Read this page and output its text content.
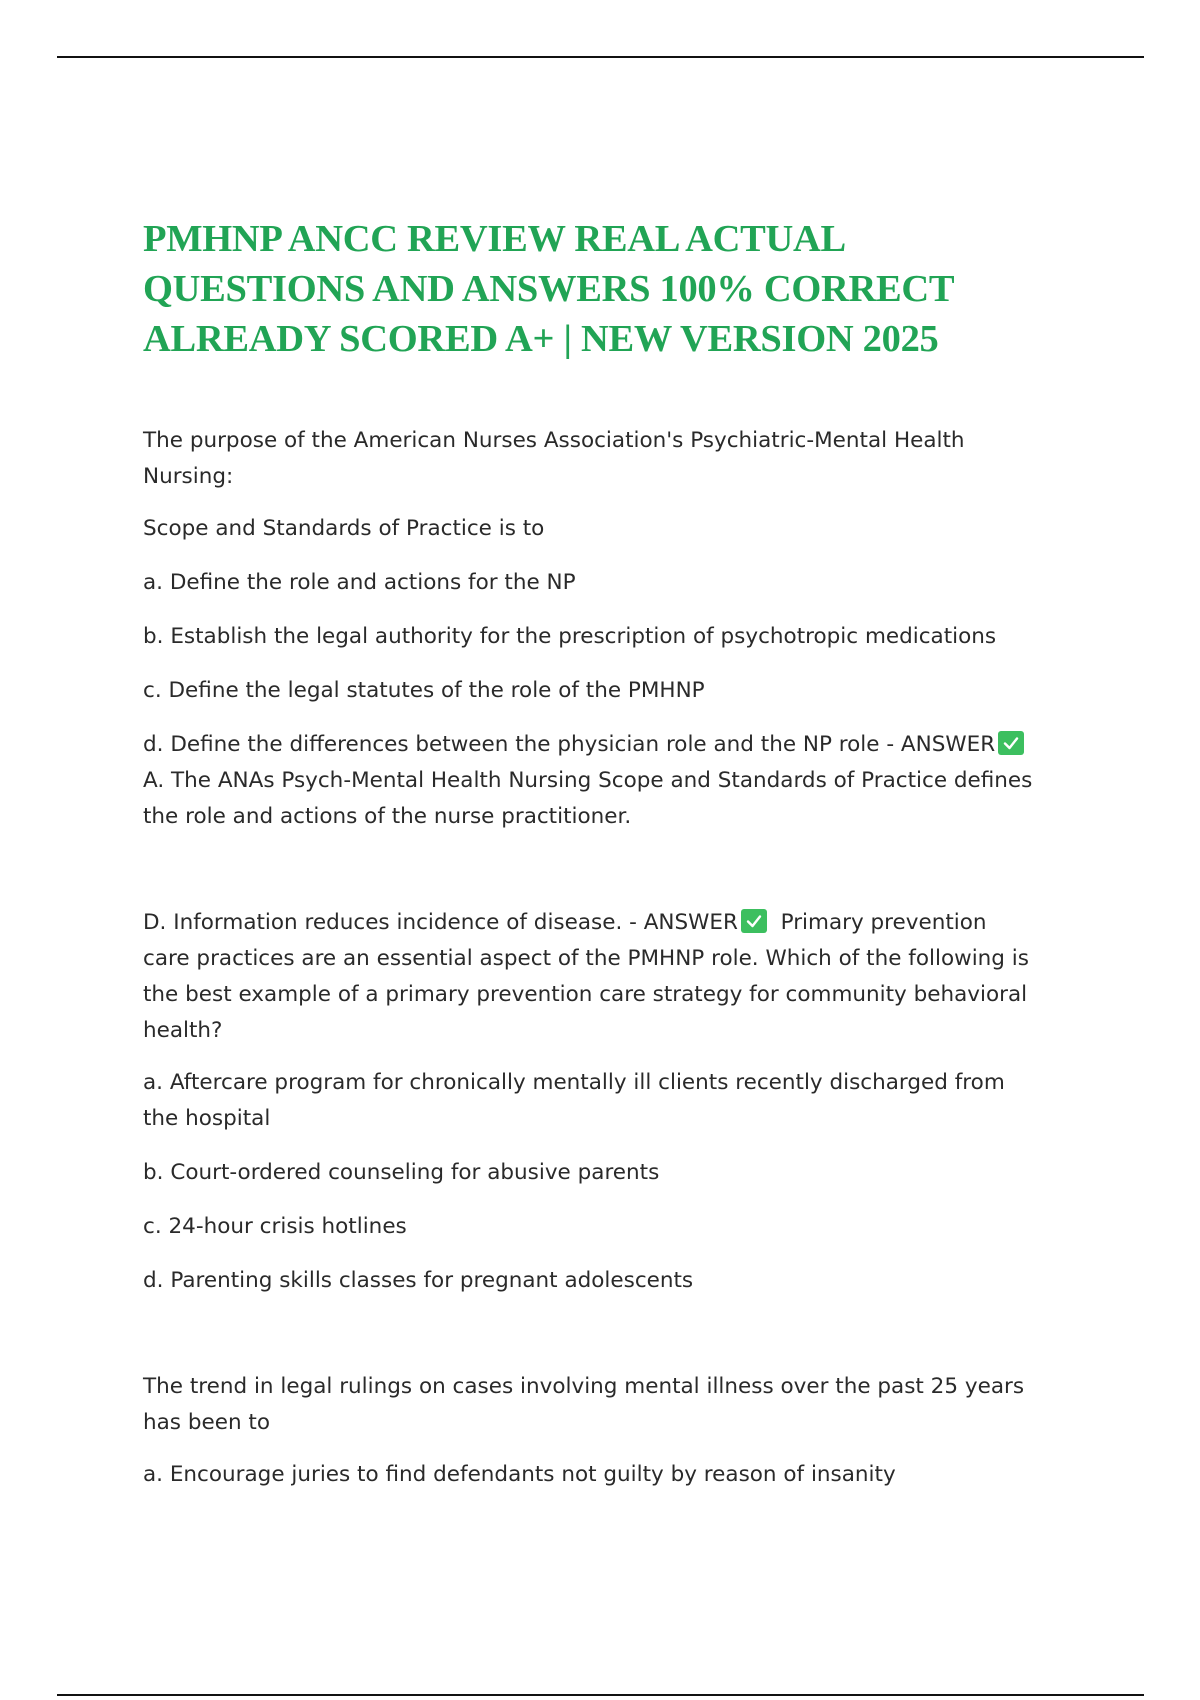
PMHNP ANCC REVIEW REAL ACTUAL
QUESTIONS AND ANSWERS 100% CORRECT
ALREADY SCORED A+ | NEW VERSION 2025

The purpose of the American Nurses Association's Psychiatric-Mental Health

Nursing:

Scope and Standards of Practice is to

a. Define the role and actions for the NP

b. Establish the legal authority for the prescription of psychotropic medications

c. Define the legal statutes of the role of the PMHNP

d. Define the differences between the physician role and the NP role - ANSWER

A. The ANAs Psych-Mental Health Nursing Scope and Standards of Practice defines

the role and actions of the nurse practitioner.

D. Information reduces incidence of disease. - ANSWER Primary prevention

care practices are an essential aspect of the PMHNP role. Which of the following is

the best example of a primary prevention care strategy for community behavioral

health?

a. Aftercare program for chronically mentally ill clients recently discharged from

the hospital

b. Court-ordered counseling for abusive parents

c. 24-hour crisis hotlines

d. Parenting skills classes for pregnant adolescents

The trend in legal rulings on cases involving mental illness over the past 25 years

has been to

a. Encourage juries to find defendants not guilty by reason of insanity
